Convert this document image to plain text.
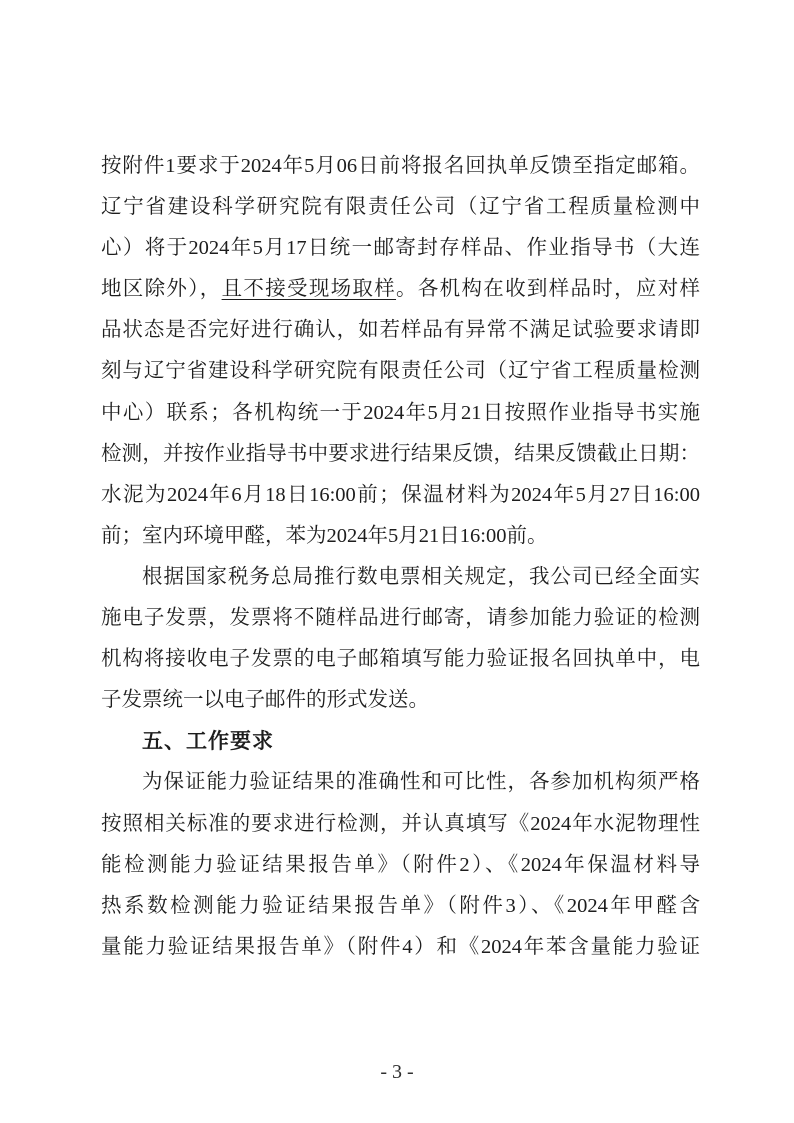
按附件1要求于2024年5月06日前将报名回执单反馈至指定邮箱。
辽宁省建设科学研究院有限责任公司（辽宁省工程质量检测中
心）将于2024年5月17日统一邮寄封存样品、作业指导书（大连
地区除外），且不接受现场取样。各机构在收到样品时，应对样
品状态是否完好进行确认，如若样品有异常不满足试验要求请即
刻与辽宁省建设科学研究院有限责任公司（辽宁省工程质量检测
中心）联系；各机构统一于2024年5月21日按照作业指导书实施
检测，并按作业指导书中要求进行结果反馈，结果反馈截止日期：
水泥为2024年6月18日16:00前；保温材料为2024年5月27日16:00
前；室内环境甲醛，苯为2024年5月21日16:00前。
根据国家税务总局推行数电票相关规定，我公司已经全面实
施电子发票，发票将不随样品进行邮寄，请参加能力验证的检测
机构将接收电子发票的电子邮箱填写能力验证报名回执单中，电
子发票统一以电子邮件的形式发送。
五、工作要求
为保证能力验证结果的准确性和可比性，各参加机构须严格
按照相关标准的要求进行检测，并认真填写《2024年水泥物理性
能检测能力验证结果报告单》（附件2）、《2024年保温材料导
热系数检测能力验证结果报告单》（附件3）、《2024年甲醛含
量能力验证结果报告单》（附件4）和《2024年苯含量能力验证
- 3 -
